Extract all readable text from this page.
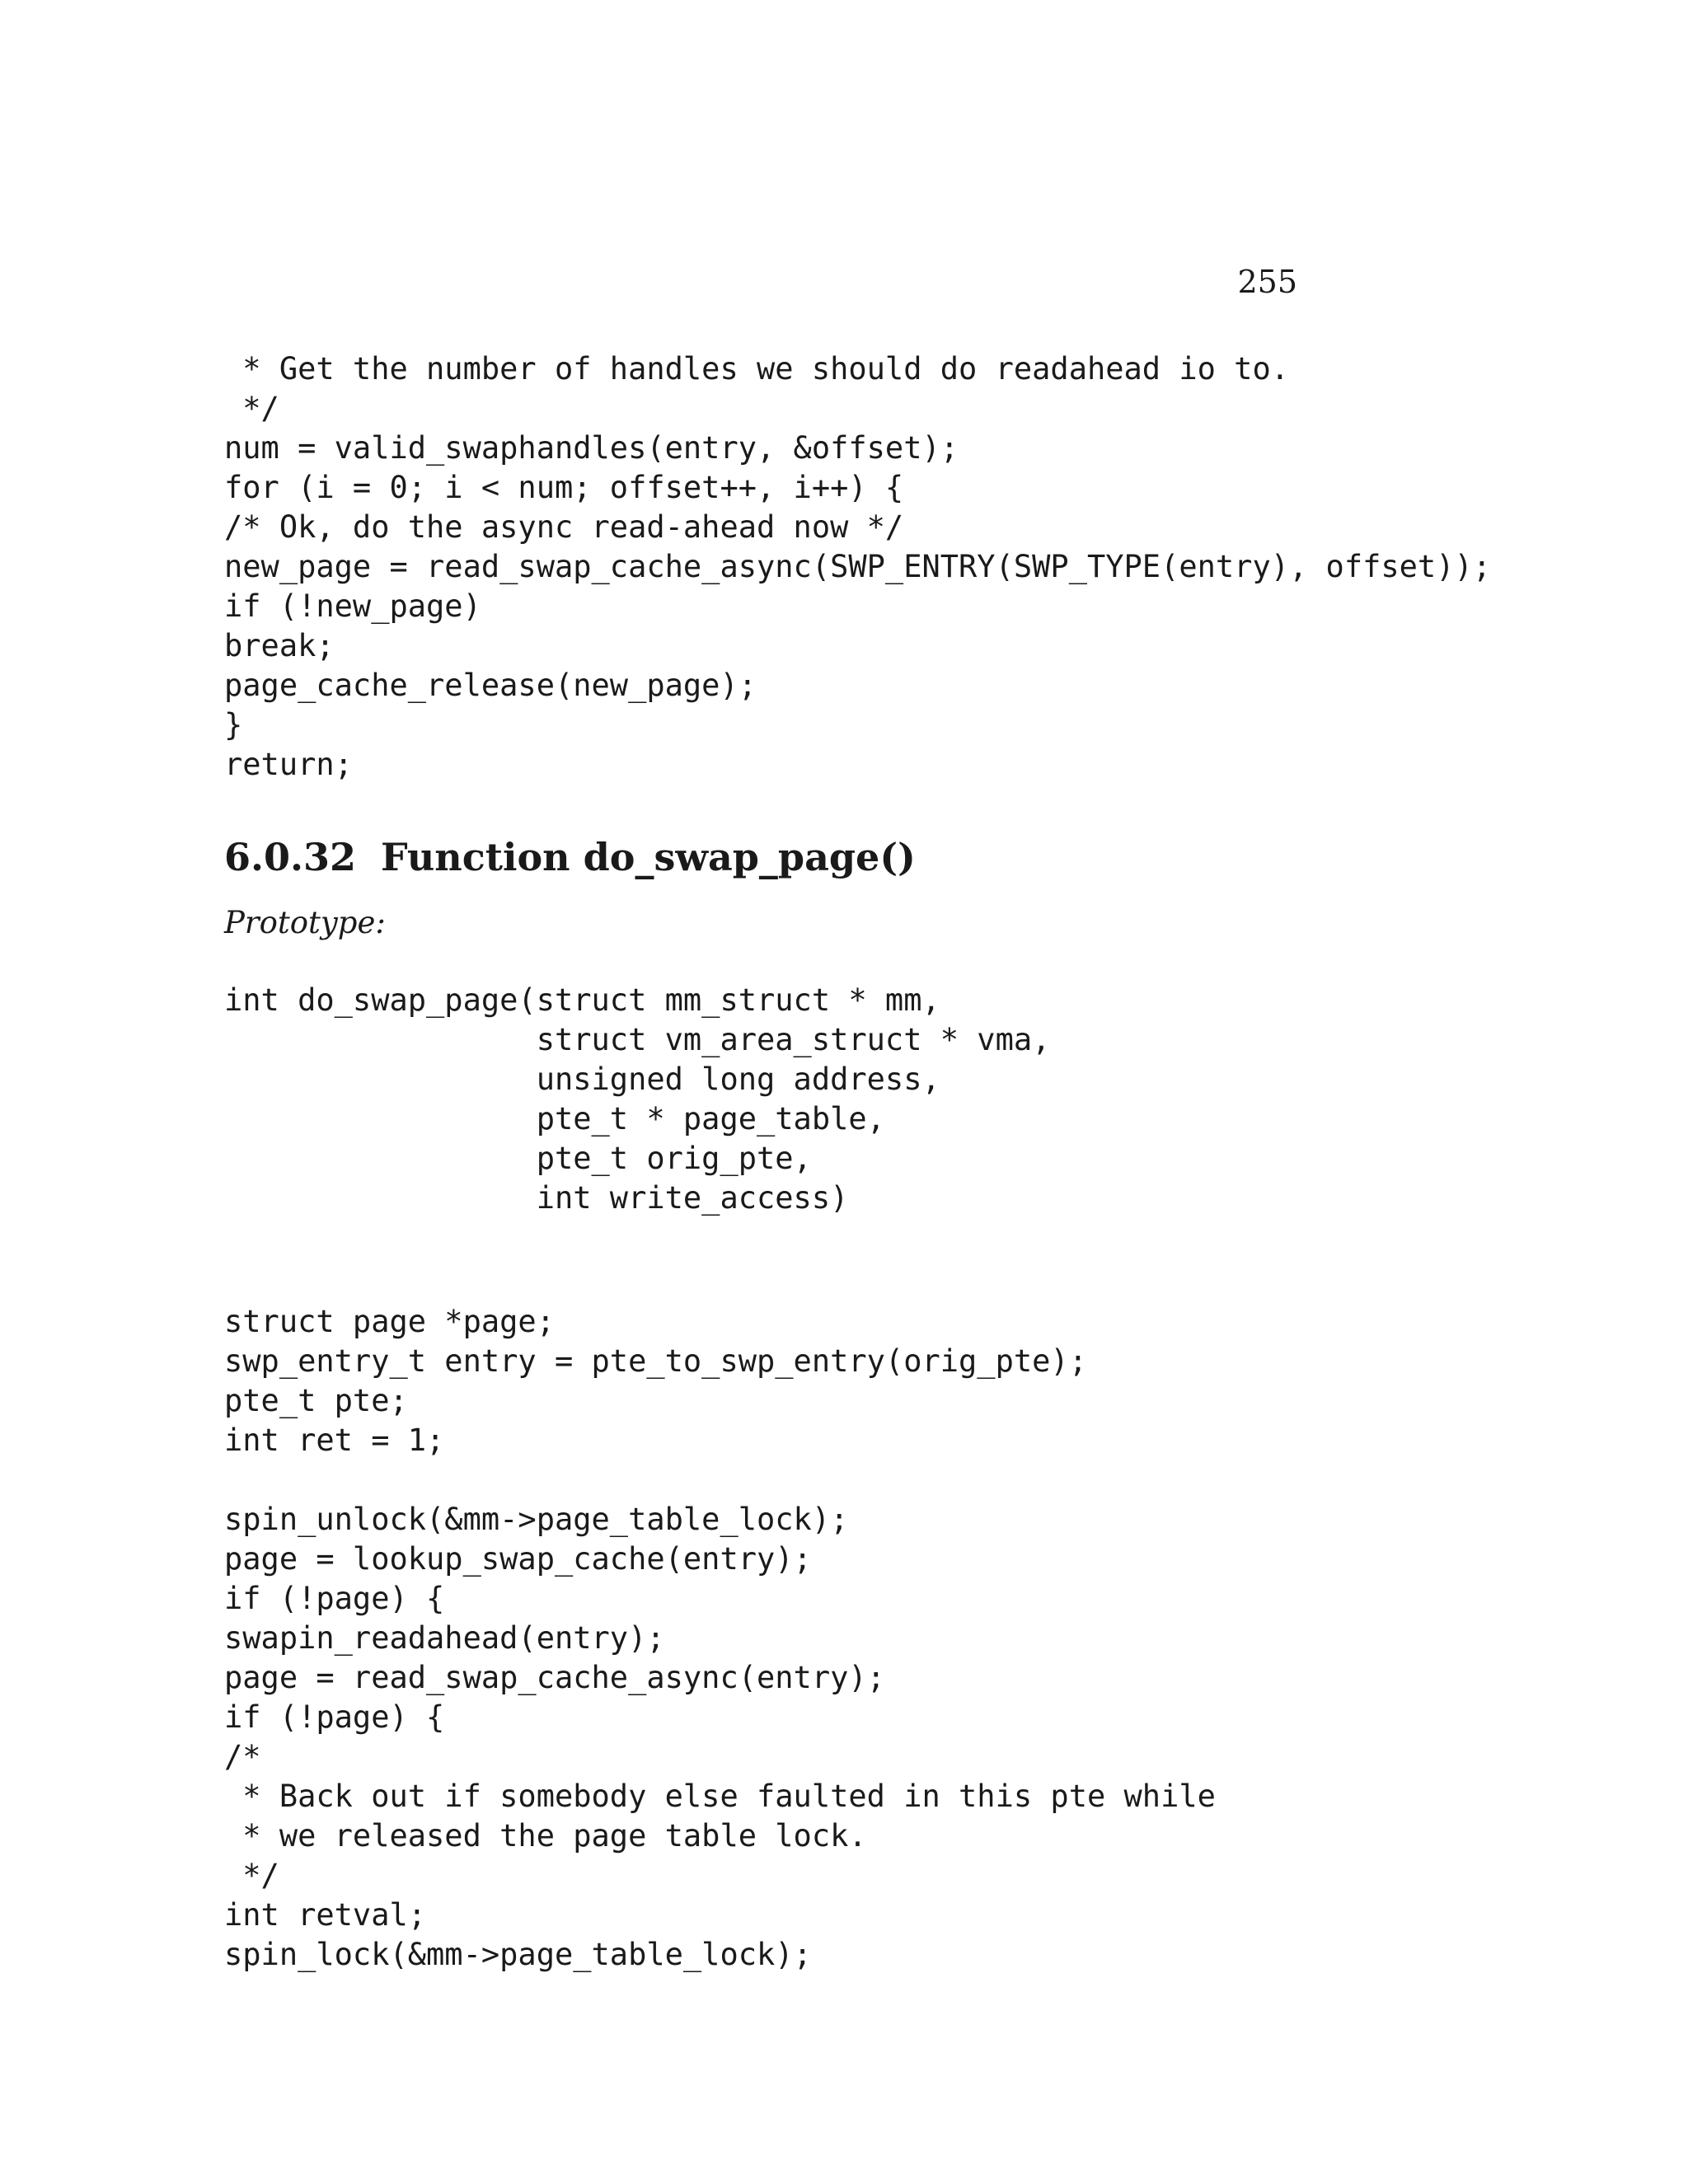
255
* Get the number of handles we should do readahead io to.
*/
num = valid_swaphandles(entry, &offset);
for (i = 0; i < num; offset++, i++) {
/* Ok, do the async read-ahead now */
new_page = read_swap_cache_async(SWP_ENTRY(SWP_TYPE(entry), offset));
if (!new_page)
break;
page_cache_release(new_page);
}
return;
6.0.32 Function do_swap_page()

Prototype:

int do_swap_page(struct mm_struct * mm,
struct vm_area_struct * vma,
unsigned long address,
pte_t * page_table,
pte_t orig_pte,
int write_access)
struct page *page;
swp_entry_t entry = pte_to_swp_entry(orig_pte);
pte_t pte;
int ret = 1;
spin_unlock(&mm->page_table_lock);
page = lookup_swap_cache(entry);
if (!page) {
swapin_readahead(entry);
page = read_swap_cache_async(entry);
if (!page) {
/*
* Back out if somebody else faulted in this pte while
* we released the page table lock.
*/
int retval;
spin_lock(&mm->page_table_lock);
